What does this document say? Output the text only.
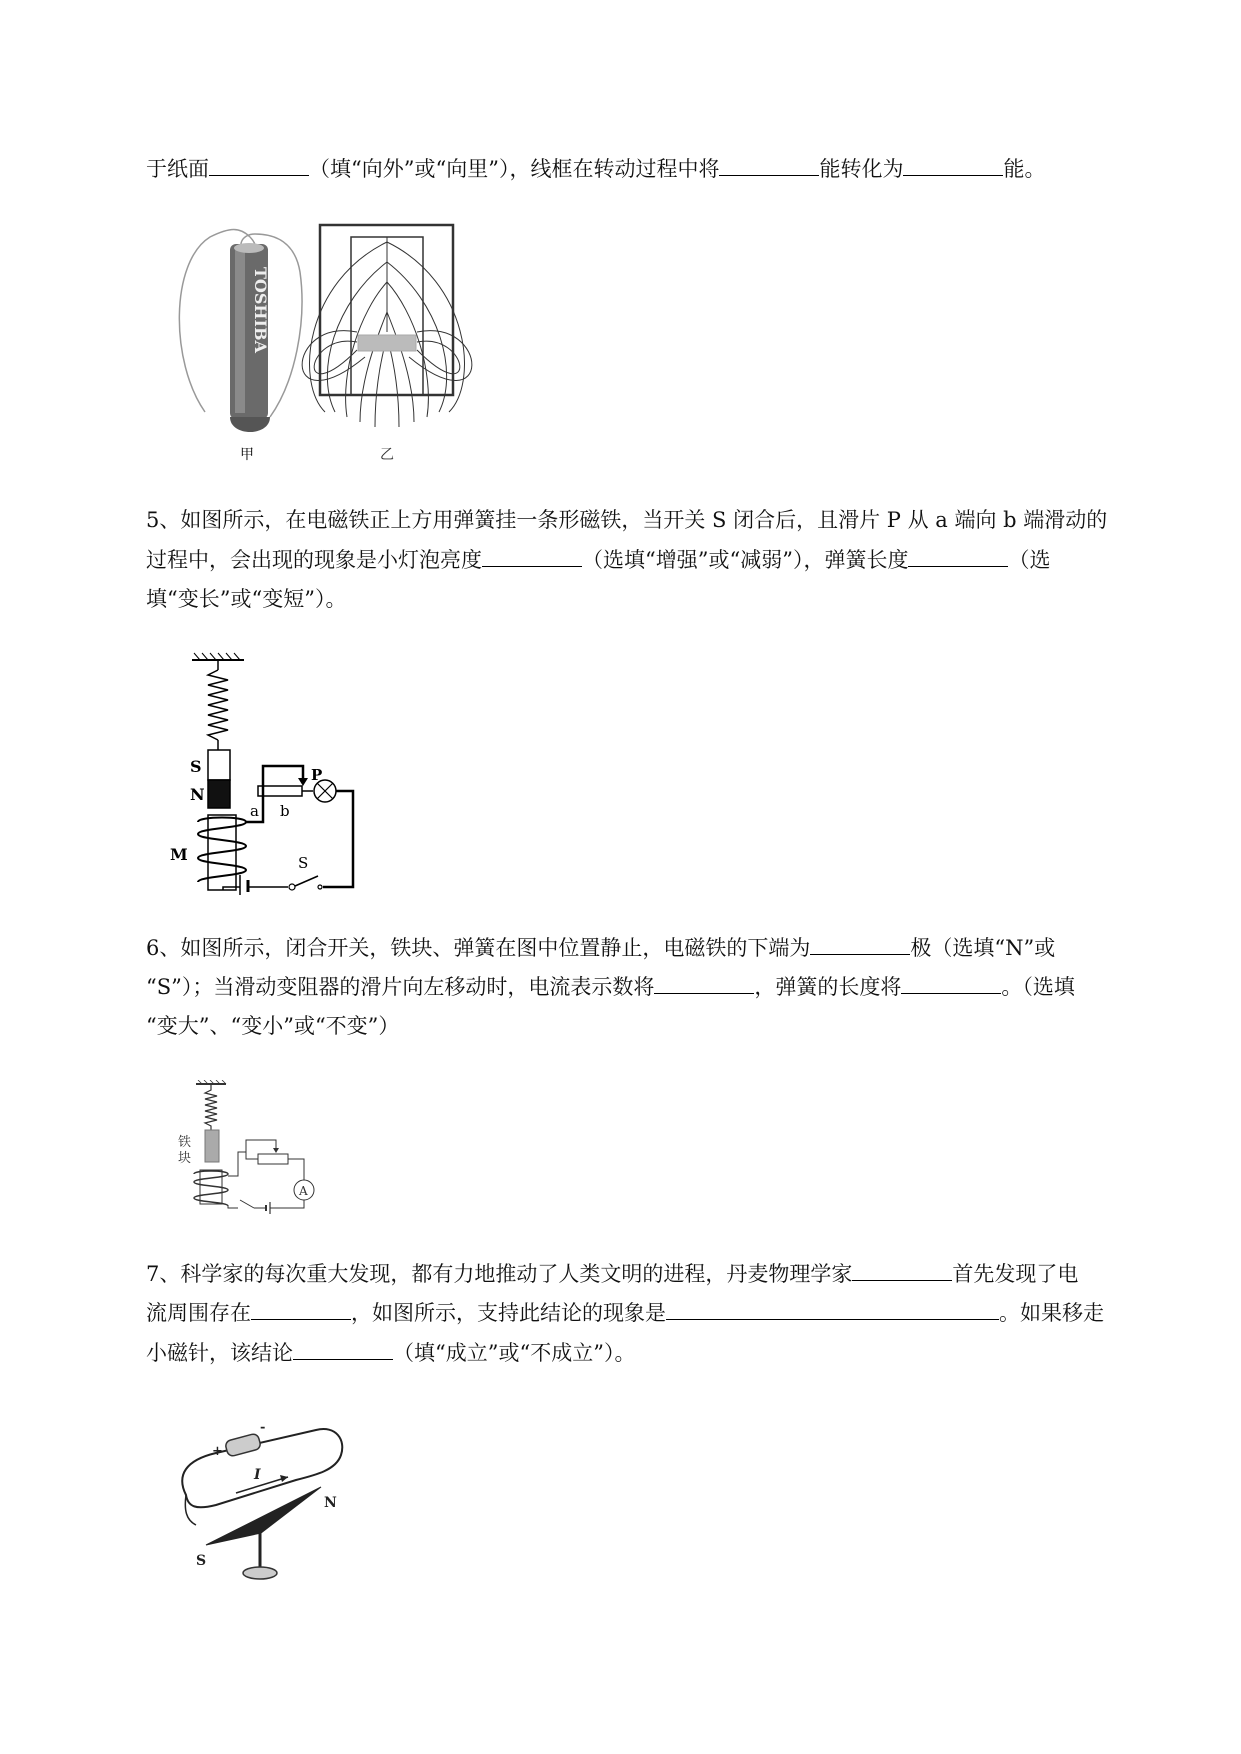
于纸面	（填“向外”或“向里”），线框在转动过程中将	能转化为	能。
TOSHIBA
甲	乙
5、如图所示，在电磁铁正上方用弹簧挂一条形磁铁，当开关 S 闭合后，且滑片 P 从 a 端向 b 端滑动的
过程中，会出现的现象是小灯泡亮度	（选填“增强”或“减弱”），弹簧长度	（选
填“变长”或“变短”）。
S
N
M
P
a b
S
6、如图所示，闭合开关，铁块、弹簧在图中位置静止，电磁铁的下端为	极（选填“N”或
“S”）；当滑动变阻器的滑片向左移动时，电流表示数将	，弹簧的长度将	。（选填
“变大”、“变小”或“不变”）
铁
块
A
7、科学家的每次重大发现，都有力地推动了人类文明的进程，丹麦物理学家	首先发现了电
流周围存在	，如图所示，支持此结论的现象是	。如果移走
小磁针，该结论	（填“成立”或“不成立”）。
+
-
I
N
S
